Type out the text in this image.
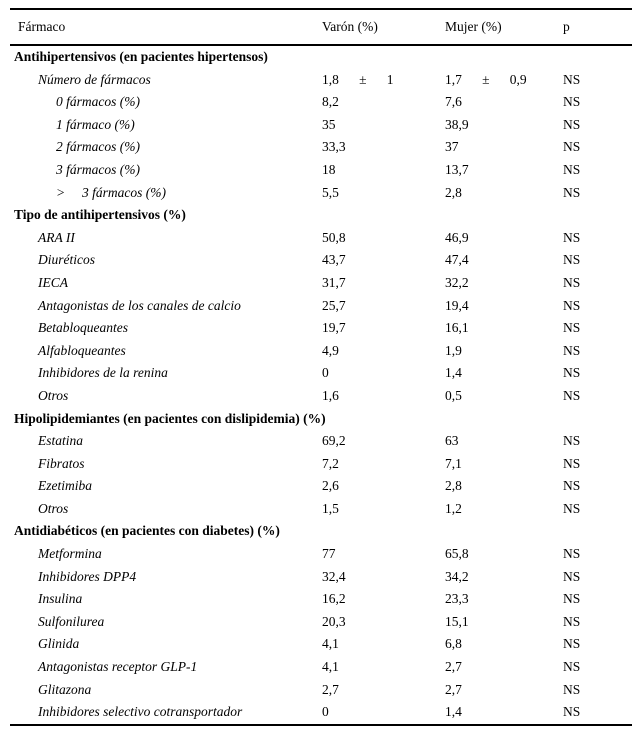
Fármaco	Varón (%)	Mujer (%)	p
Antihipertensivos (en pacientes hipertensos)
Número de fármacos	1,8      ±      1	1,7      ±      0,9	NS
0 fármacos (%)	8,2	7,6	NS
1 fármaco (%)	35	38,9	NS
2 fármacos (%)	33,3	37	NS
3 fármacos (%)	18	13,7	NS
>     3 fármacos (%)	5,5	2,8	NS
Tipo de antihipertensivos (%)
ARA II	50,8	46,9	NS
Diuréticos	43,7	47,4	NS
IECA	31,7	32,2	NS
Antagonistas de los canales de calcio	25,7	19,4	NS
Betabloqueantes	19,7	16,1	NS
Alfabloqueantes	4,9	1,9	NS
Inhibidores de la renina	0	1,4	NS
Otros	1,6	0,5	NS
Hipolipidemiantes (en pacientes con dislipidemia) (%)
Estatina	69,2	63	NS
Fibratos	7,2	7,1	NS
Ezetimiba	2,6	2,8	NS
Otros	1,5	1,2	NS
Antidiabéticos (en pacientes con diabetes) (%)
Metformina	77	65,8	NS
Inhibidores DPP4	32,4	34,2	NS
Insulina	16,2	23,3	NS
Sulfonilurea	20,3	15,1	NS
Glinida	4,1	6,8	NS
Antagonistas receptor GLP-1	4,1	2,7	NS
Glitazona	2,7	2,7	NS
Inhibidores selectivo cotransportador	0	1,4	NS
